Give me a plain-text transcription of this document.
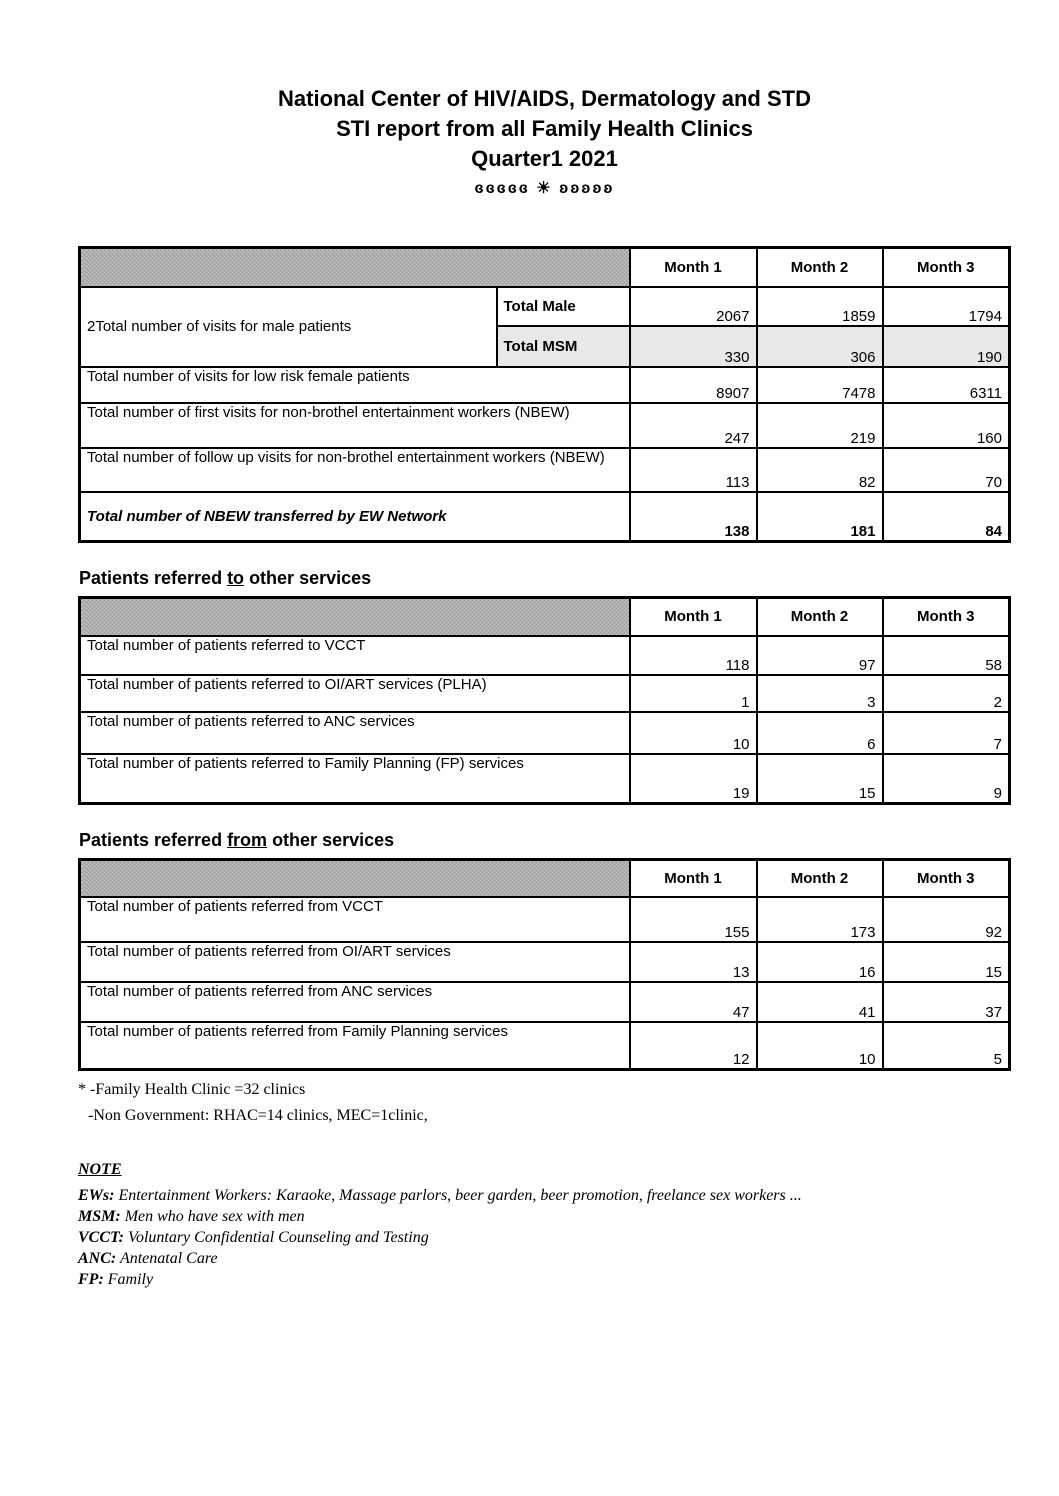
National Center of HIV/AIDS, Dermatology and STD
STI report from all Family Health Clinics
Quarter1 2021
ɞɞɞɞɞ ☀ ʚʚʚʚʚ
		Month 1	Month 2	Month 3
2Total number of visits for male patients	Total Male	2067	1859	1794
	Total MSM	330	306	190
Total number of visits for low risk female patients		8907	7478	6311
Total number of first visits for non-brothel entertainment workers (NBEW)		247	219	160
Total number of follow up visits for non-brothel entertainment workers (NBEW)		113	82	70
Total number of NBEW transferred by EW Network		138	181	84
Patients referred to other services
	Month 1	Month 2	Month 3
Total number of patients referred to VCCT	118	97	58
Total number of patients referred to OI/ART services (PLHA)	1	3	2
Total number of patients referred to ANC services	10	6	7
Total number of patients referred to Family Planning (FP) services	19	15	9
Patients referred from other services
	Month 1	Month 2	Month 3
Total number of patients referred from VCCT	155	173	92
Total number of patients referred from OI/ART services	13	16	15
Total number of patients referred from ANC services	47	41	37
Total number of patients referred from Family Planning services	12	10	5
* -Family Health Clinic =32 clinics
-Non Government: RHAC=14 clinics, MEC=1clinic,
NOTE
EWs: Entertainment Workers: Karaoke, Massage parlors, beer garden, beer promotion, freelance sex workers ...
MSM: Men who have sex with men
VCCT: Voluntary Confidential Counseling and Testing
ANC: Antenatal Care
FP: Family
